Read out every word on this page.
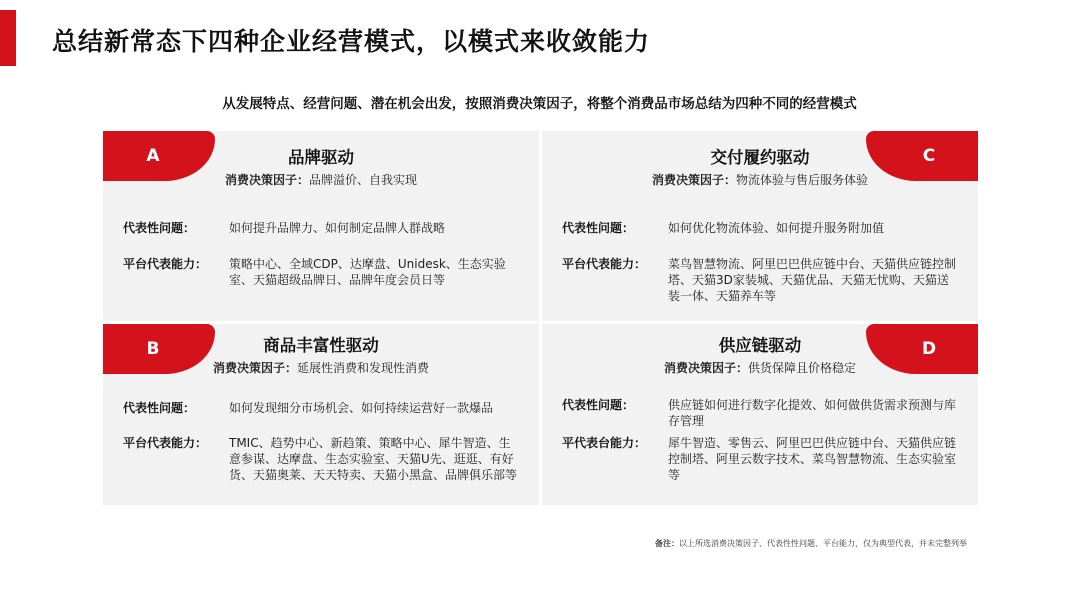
总结新常态下四种企业经营模式，以模式来收敛能力
从发展特点、经营问题、潜在机会出发，按照消费决策因子，将整个消费品市场总结为四种不同的经营模式
A	品牌驱动
消费决策因子：品牌溢价、自我实现
代表性问题：	如何提升品牌力、如何制定品牌人群战略
平台代表能力：	策略中心、全域CDP、达摩盘、Unidesk、生态实验室、天猫超级品牌日、品牌年度会员日等
C
交付履约驱动
消费决策因子：物流体验与售后服务体验
代表性问题：	如何优化物流体验、如何提升服务附加值
平台代表能力：	菜鸟智慧物流、阿里巴巴供应链中台、天猫供应链控制塔、天猫3D家装城、天猫优品、天猫无忧购、天猫送装一体、天猫养车等
B	商品丰富性驱动
消费决策因子：延展性消费和发现性消费
代表性问题：	如何发现细分市场机会、如何持续运营好一款爆品
平台代表能力：	TMIC、趋势中心、新趋策、策略中心、犀牛智造、生意参谋、达摩盘、生态实验室、天猫U先、逛逛、有好货、天猫奥莱、天天特卖、天猫小黑盒、品牌俱乐部等
D
供应链驱动
消费决策因子：供货保障且价格稳定
代表性问题：	供应链如何进行数字化提效、如何做供货需求预测与库存管理
平代表台能力：	犀牛智造、零售云、阿里巴巴供应链中台、天猫供应链控制塔、阿里云数字技术、菜鸟智慧物流、生态实验室等
备注：以上所选消费决策因子、代表性性问题、平台能力，仅为典型代表，并未完整列举
